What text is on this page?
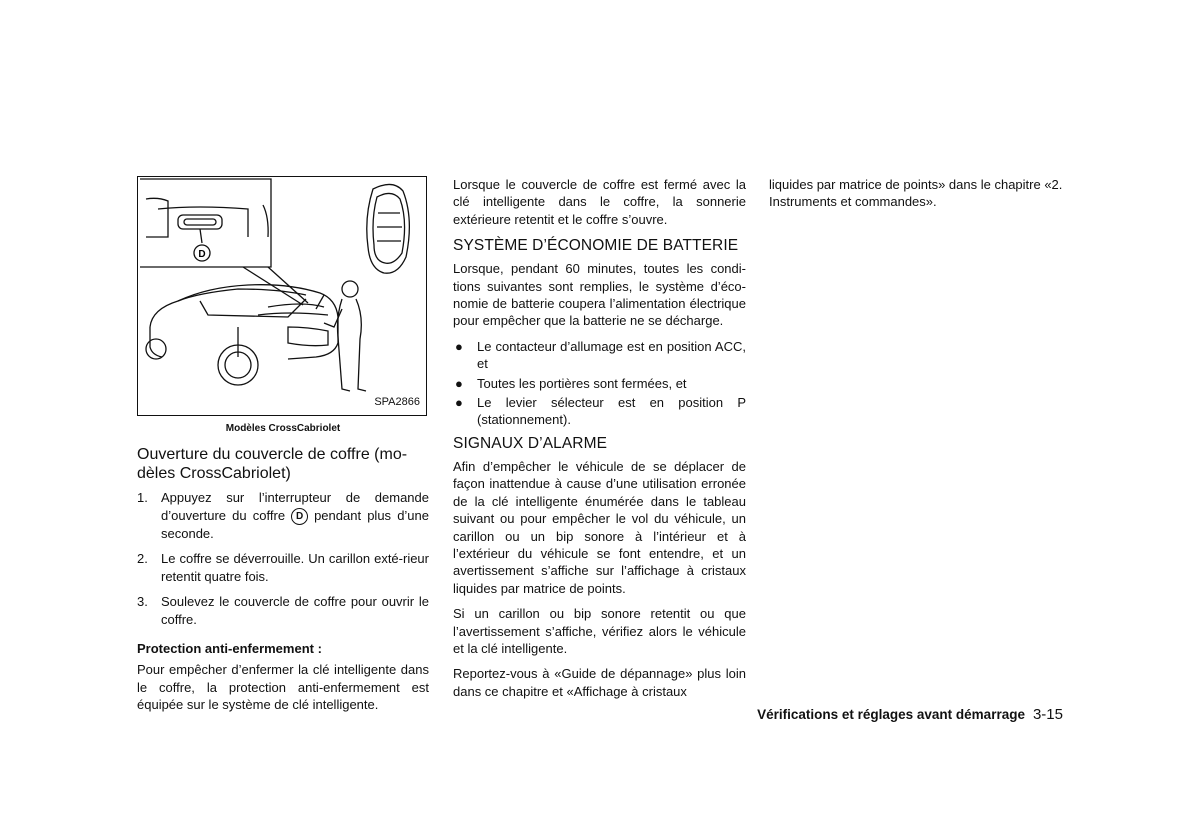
D
SPA2866
Modèles CrossCabriolet
Ouverture du couvercle de coffre (mo-dèles CrossCabriolet)
1. Appuyez sur l’interrupteur de demande d’ouverture du coffre D pendant plus d’une seconde.
2. Le coffre se déverrouille. Un carillon exté-rieur retentit quatre fois.
3. Soulevez le couvercle de coffre pour ouvrir le coffre.
Protection anti-enfermement :

Pour empêcher d’enfermer la clé intelligente dans le coffre, la protection anti-enfermement est équipée sur le système de clé intelligente.

Lorsque le couvercle de coffre est fermé avec la clé intelligente dans le coffre, la sonnerie extérieure retentit et le coffre s’ouvre.

SYSTÈME D’ÉCONOMIE DE BATTERIE

Lorsque, pendant 60 minutes, toutes les condi-tions suivantes sont remplies, le système d’éco-nomie de batterie coupera l’alimentation électrique pour empêcher que la batterie ne se décharge.

● Le contacteur d’allumage est en position ACC, et
● Toutes les portières sont fermées, et
● Le levier sélecteur est en position P (stationnement).
SIGNAUX D’ALARME

Afin d’empêcher le véhicule de se déplacer de façon inattendue à cause d’une utilisation erronée de la clé intelligente énumérée dans le tableau suivant ou pour empêcher le vol du véhicule, un carillon ou un bip sonore à l’intérieur et à l’extérieur du véhicule se font entendre, et un avertissement s’affiche sur l’affichage à cristaux liquides par matrice de points.

Si un carillon ou bip sonore retentit ou que l’avertissement s’affiche, vérifiez alors le véhicule et la clé intelligente.

Reportez-vous à «Guide de dépannage» plus loin dans ce chapitre et «Affichage à cristaux

liquides par matrice de points» dans le chapitre «2. Instruments et commandes».

Vérifications et réglages avant démarrage 3-15
